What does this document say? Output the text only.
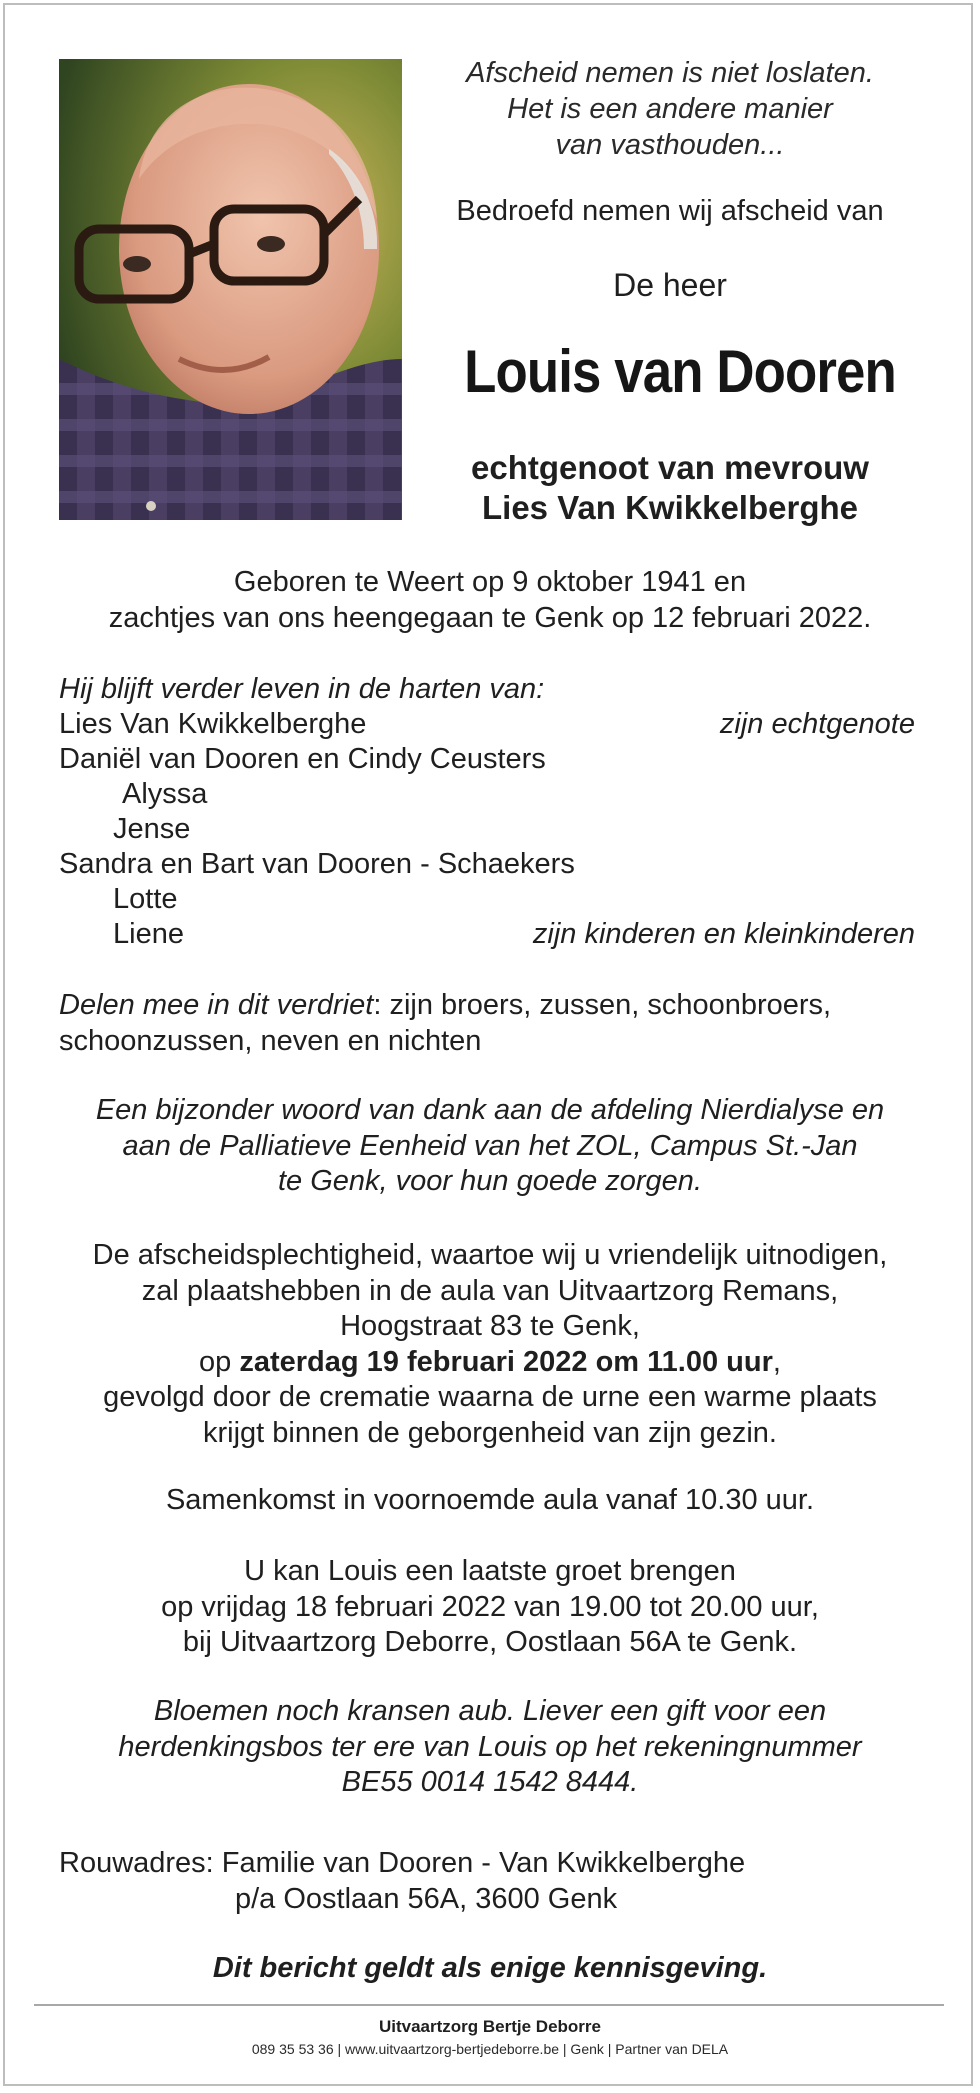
Afscheid nemen is niet loslaten.
Het is een andere manier
van vasthouden...
Bedroefd nemen wij afscheid van
De heer
Louis van Dooren
echtgenoot van mevrouw
Lies Van Kwikkelberghe
Geboren te Weert op 9 oktober 1941 en
zachtjes van ons heengegaan te Genk op 12 februari 2022.
Hij blijft verder leven in de harten van:
Lies Van Kwikkelberghe	zijn echtgenote
Daniël van Dooren en Cindy Ceusters
Alyssa
Jense
Sandra en Bart van Dooren - Schaekers
Lotte
Liene	zijn kinderen en kleinkinderen
Delen mee in dit verdriet: zijn broers, zussen, schoonbroers,
schoonzussen, neven en nichten
Een bijzonder woord van dank aan de afdeling Nierdialyse en
aan de Palliatieve Eenheid van het ZOL, Campus St.-Jan
te Genk, voor hun goede zorgen.
De afscheidsplechtigheid, waartoe wij u vriendelijk uitnodigen,
zal plaatshebben in de aula van Uitvaartzorg Remans,
Hoogstraat 83 te Genk,
op zaterdag 19 februari 2022 om 11.00 uur,
gevolgd door de crematie waarna de urne een warme plaats
krijgt binnen de geborgenheid van zijn gezin.
Samenkomst in voornoemde aula vanaf 10.30 uur.
U kan Louis een laatste groet brengen
op vrijdag 18 februari 2022 van 19.00 tot 20.00 uur,
bij Uitvaartzorg Deborre, Oostlaan 56A te Genk.
Bloemen noch kransen aub. Liever een gift voor een
herdenkingsbos ter ere van Louis op het rekeningnummer
BE55 0014 1542 8444.
Rouwadres: Familie van Dooren - Van Kwikkelberghe
p/a Oostlaan 56A, 3600 Genk
Dit bericht geldt als enige kennisgeving.
Uitvaartzorg Bertje Deborre
089 35 53 36 | www.uitvaartzorg-bertjedeborre.be | Genk | Partner van DELA
